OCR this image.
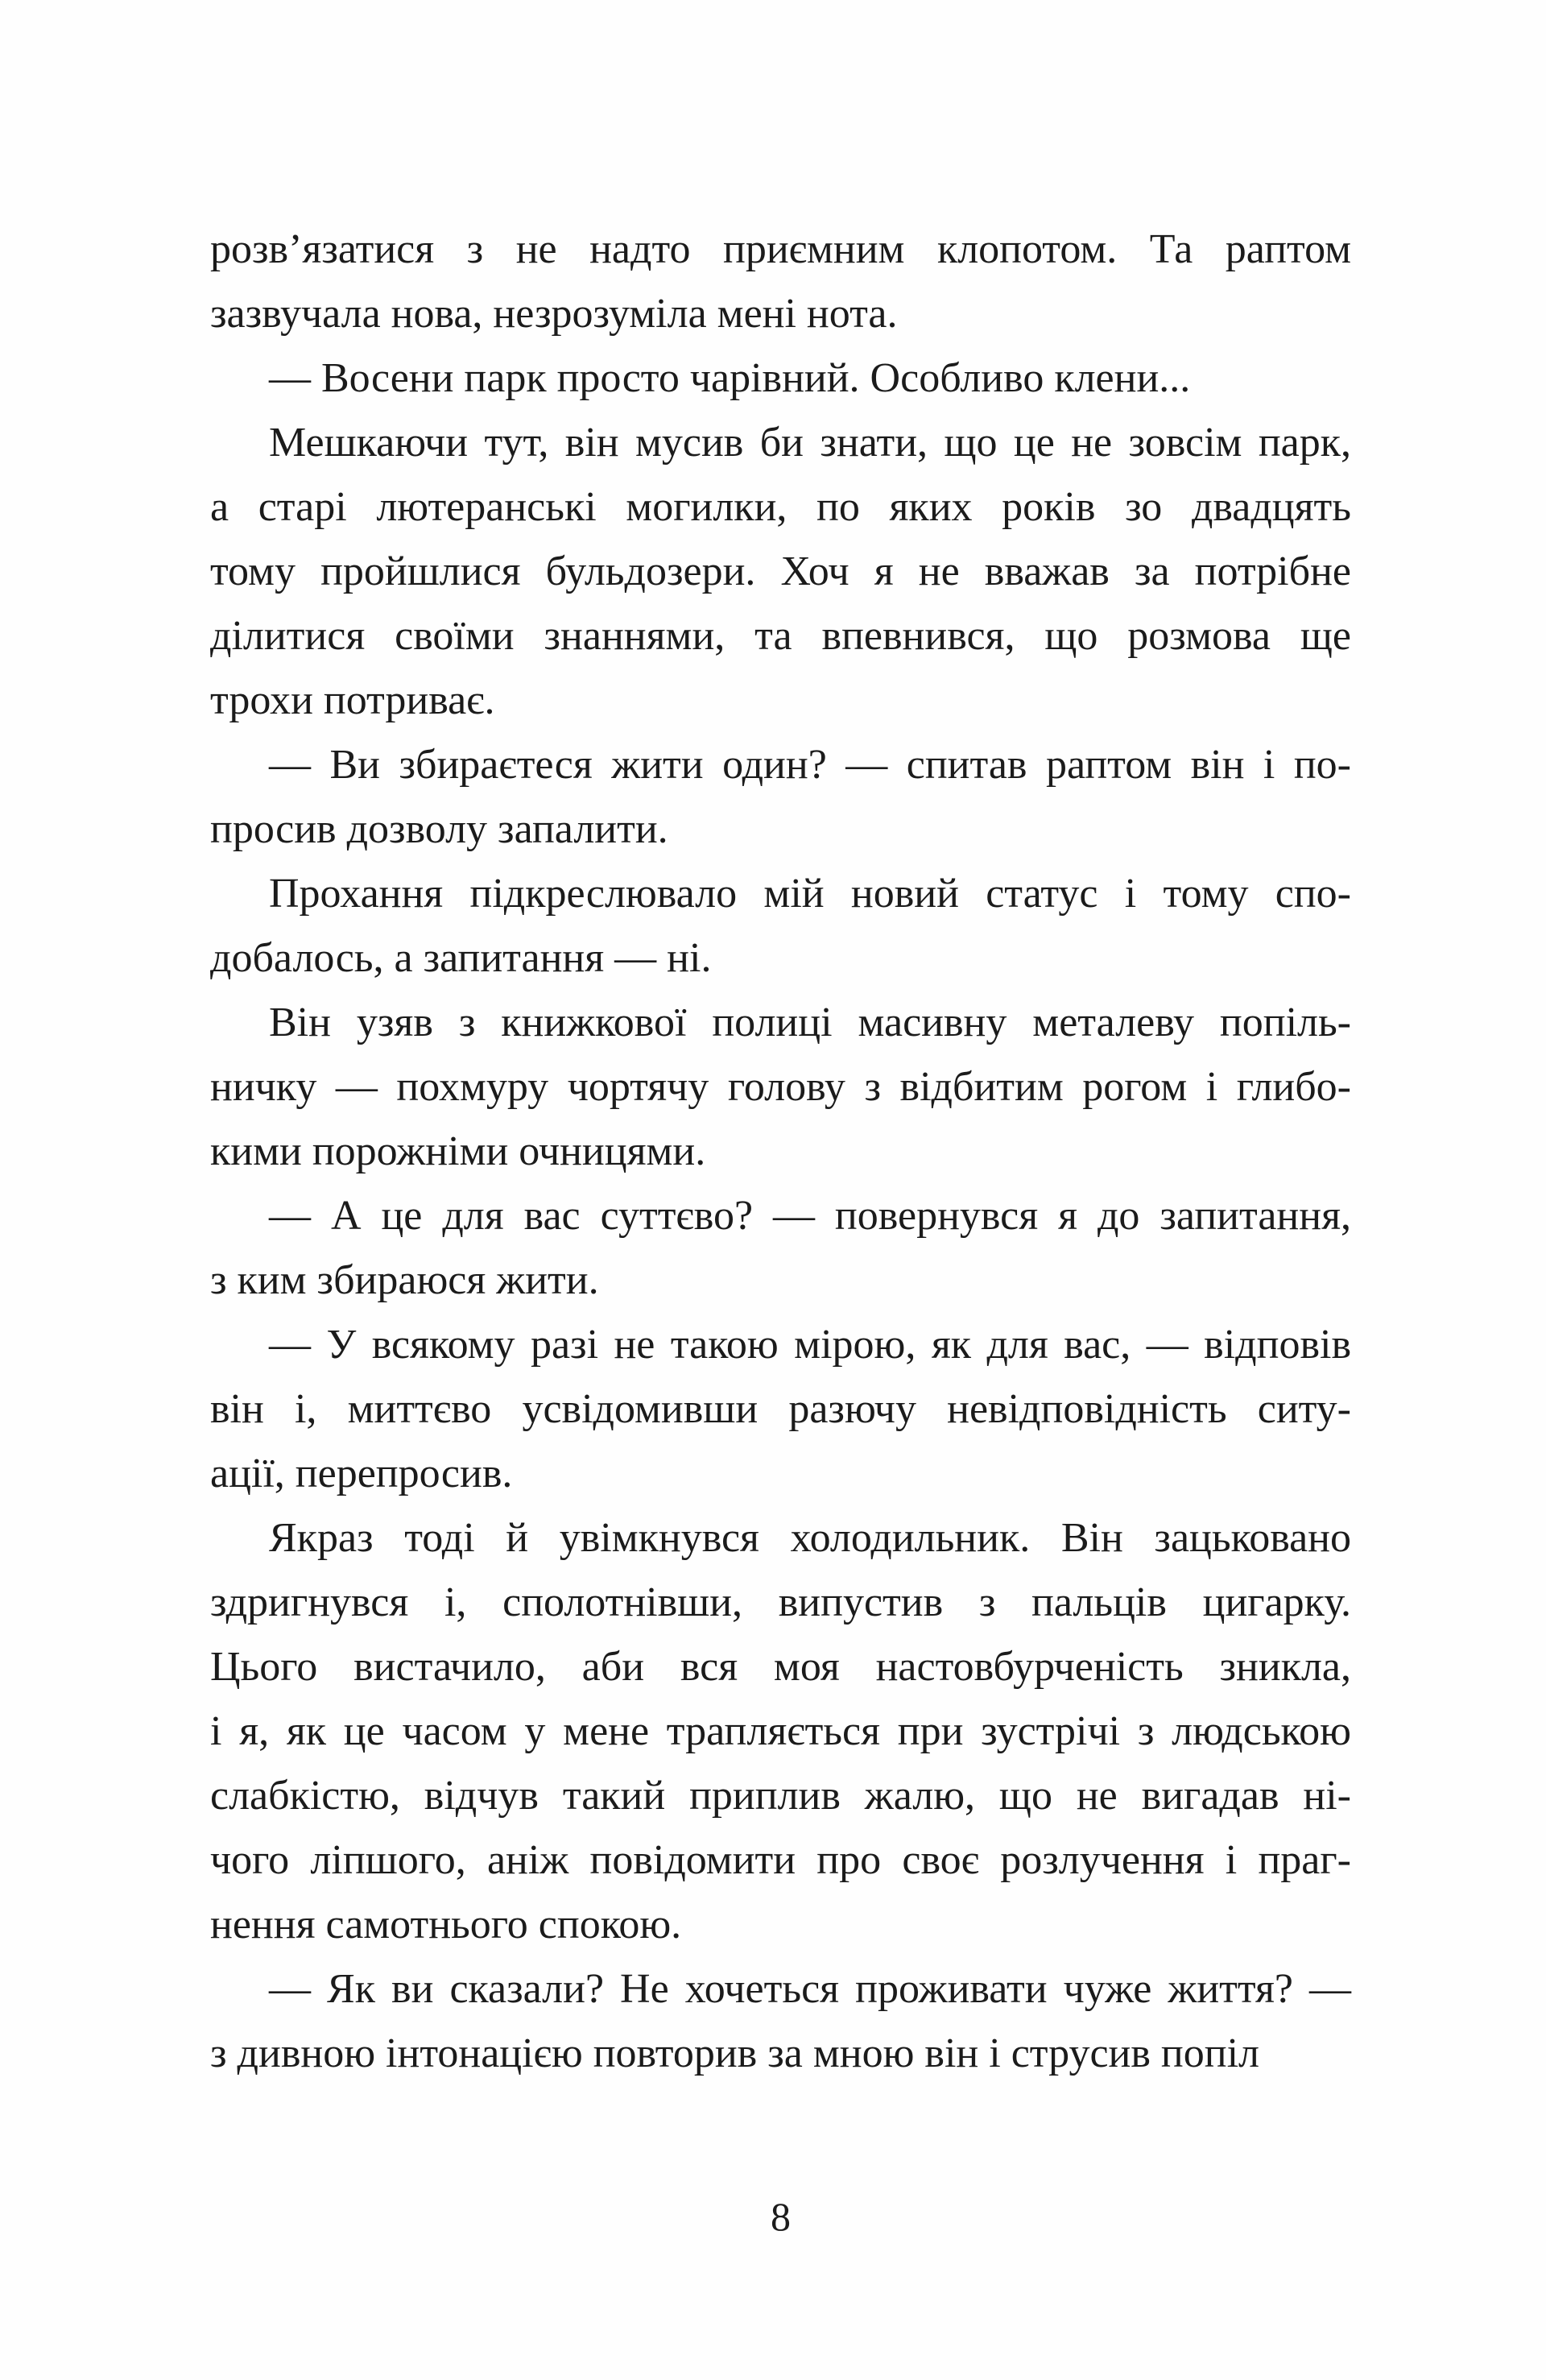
розв’язатися з не надто приємним клопотом. Та раптом
зазвучала нова, незрозуміла мені нота.
— Восени парк просто чарівний. Особливо клени...
Мешкаючи тут, він мусив би знати, що це не зовсім парк,
а старі лютеранські могилки, по яких років зо двадцять
тому пройшлися бульдозери. Хоч я не вважав за потрібне
ділитися своїми знаннями, та впевнився, що розмова ще
трохи потриває.
— Ви збираєтеся жити один? — спитав раптом він і по-
просив дозволу запалити.
Прохання підкреслювало мій новий статус і тому спо-
добалось, а запитання — ні.
Він узяв з книжкової полиці масивну металеву попіль-
ничку — похмуру чортячу голову з відбитим рогом і глибо-
кими порожніми очницями.
— А це для вас суттєво? — повернувся я до запитання,
з ким збираюся жити.
— У всякому разі не такою мірою, як для вас, — відповів
він і, миттєво усвідомивши разючу невідповідність ситу-
ації, перепросив.
Якраз тоді й увімкнувся холодильник. Він зацьковано
здригнувся і, сполотнівши, випустив з пальців цигарку.
Цього вистачило, аби вся моя настовбурченість зникла,
і я, як це часом у мене трапляється при зустрічі з людською
слабкістю, відчув такий приплив жалю, що не вигадав ні-
чого ліпшого, аніж повідомити про своє розлучення і праг-
нення самотнього спокою.
— Як ви сказали? Не хочеться проживати чуже життя? —
з дивною інтонацією повторив за мною він і струсив попіл
8
